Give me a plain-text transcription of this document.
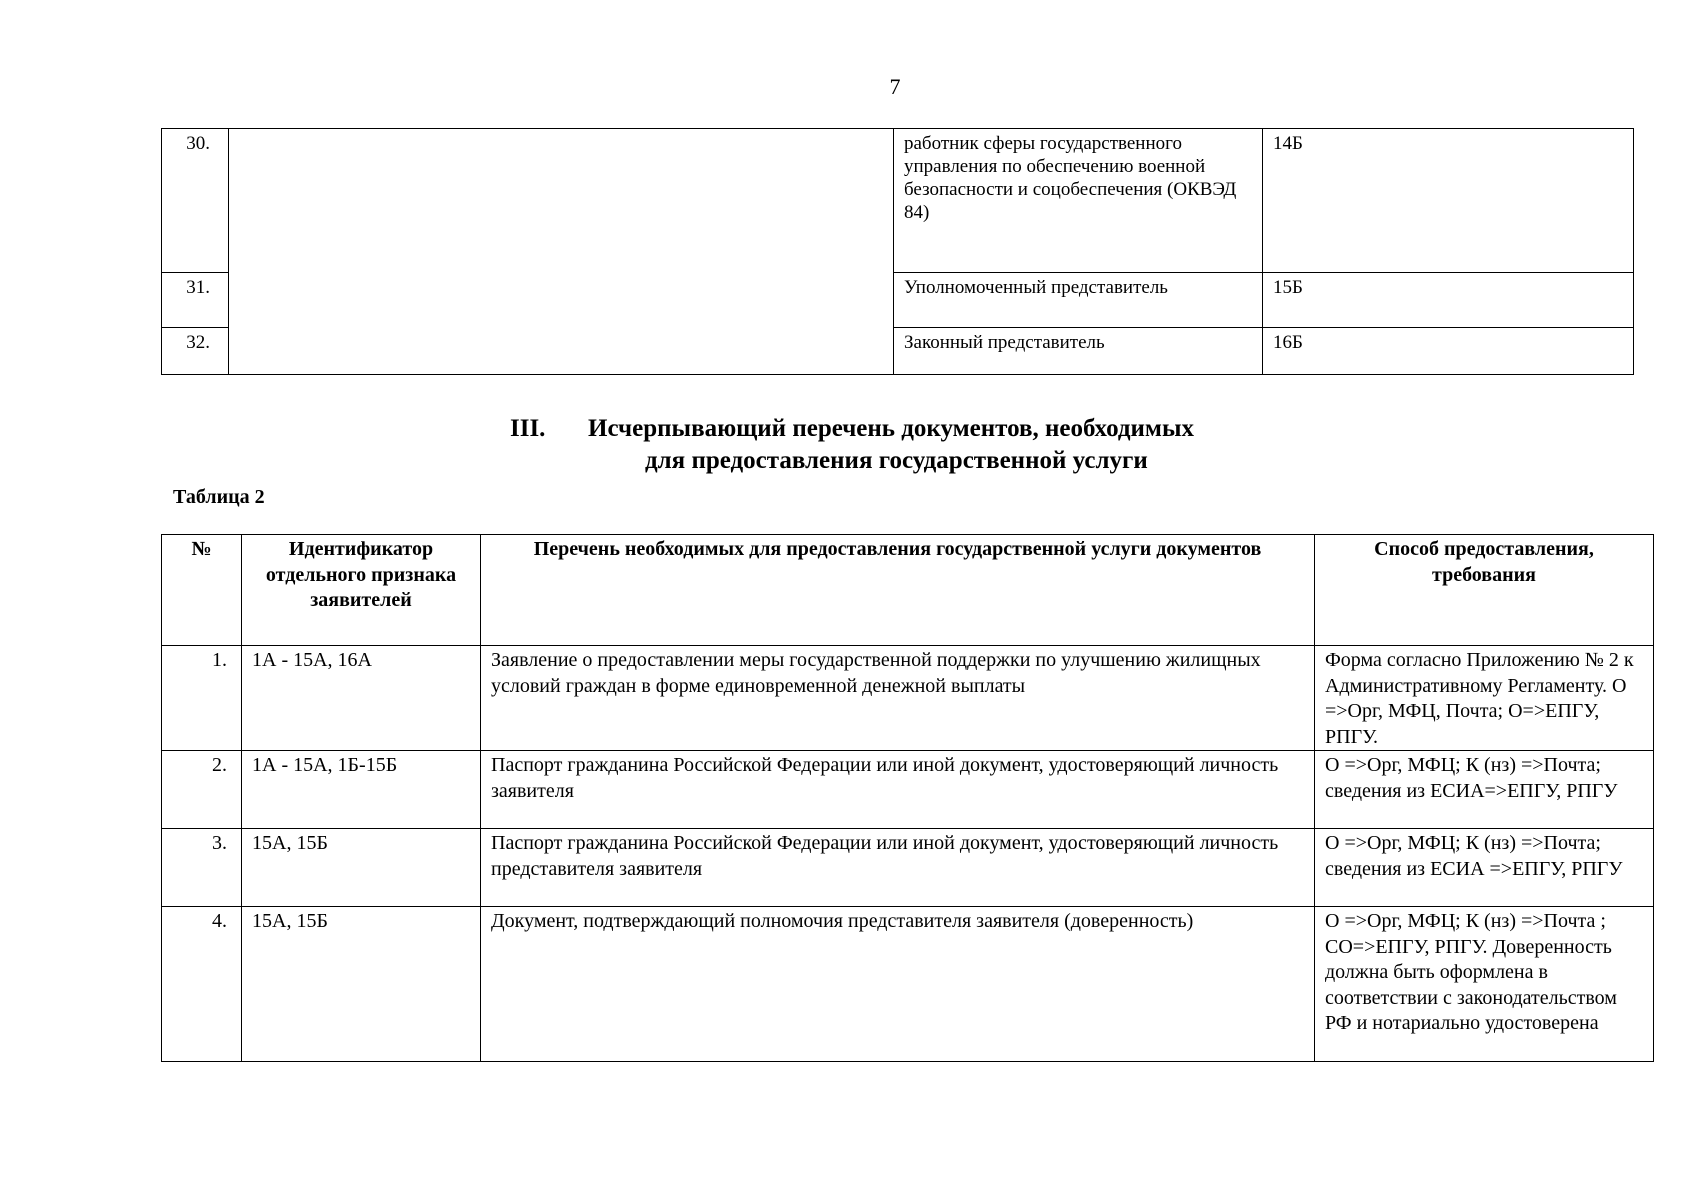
7
30.		работник сферы государственного управления по обеспечению военной безопасности и соцобеспечения (ОКВЭД 84)	14Б
31.		Уполномоченный представитель	15Б
32.		Законный представитель	16Б
III.	Исчерпывающий перечень документов, необходимых
для предоставления государственной услуги
Таблица 2
№	Идентификатор отдельного признака заявителей	Перечень необходимых для предоставления государственной услуги документов	Способ предоставления, требования
1.	1А - 15А, 16А	Заявление о предоставлении меры государственной поддержки по улучшению жилищных условий граждан в форме единовременной денежной выплаты	Форма согласно Приложению № 2 к Административному Регламенту. О =>Орг, МФЦ, Почта; О=>ЕПГУ, РПГУ.
2.	1А - 15А, 1Б-15Б	Паспорт гражданина Российской Федерации или иной документ, удостоверяющий личность заявителя	О =>Орг, МФЦ; К (нз) =>Почта; сведения из ЕСИА=>ЕПГУ, РПГУ
3.	15А, 15Б	Паспорт гражданина Российской Федерации или иной документ, удостоверяющий личность представителя заявителя	О =>Орг, МФЦ; К (нз) =>Почта; сведения из ЕСИА =>ЕПГУ, РПГУ
4.	15А, 15Б	Документ, подтверждающий полномочия представителя заявителя (доверенность)	О =>Орг, МФЦ; К (нз) =>Почта ; СО=>ЕПГУ, РПГУ. Доверенность должна быть оформлена в соответствии с законодательством РФ и нотариально удостоверена
